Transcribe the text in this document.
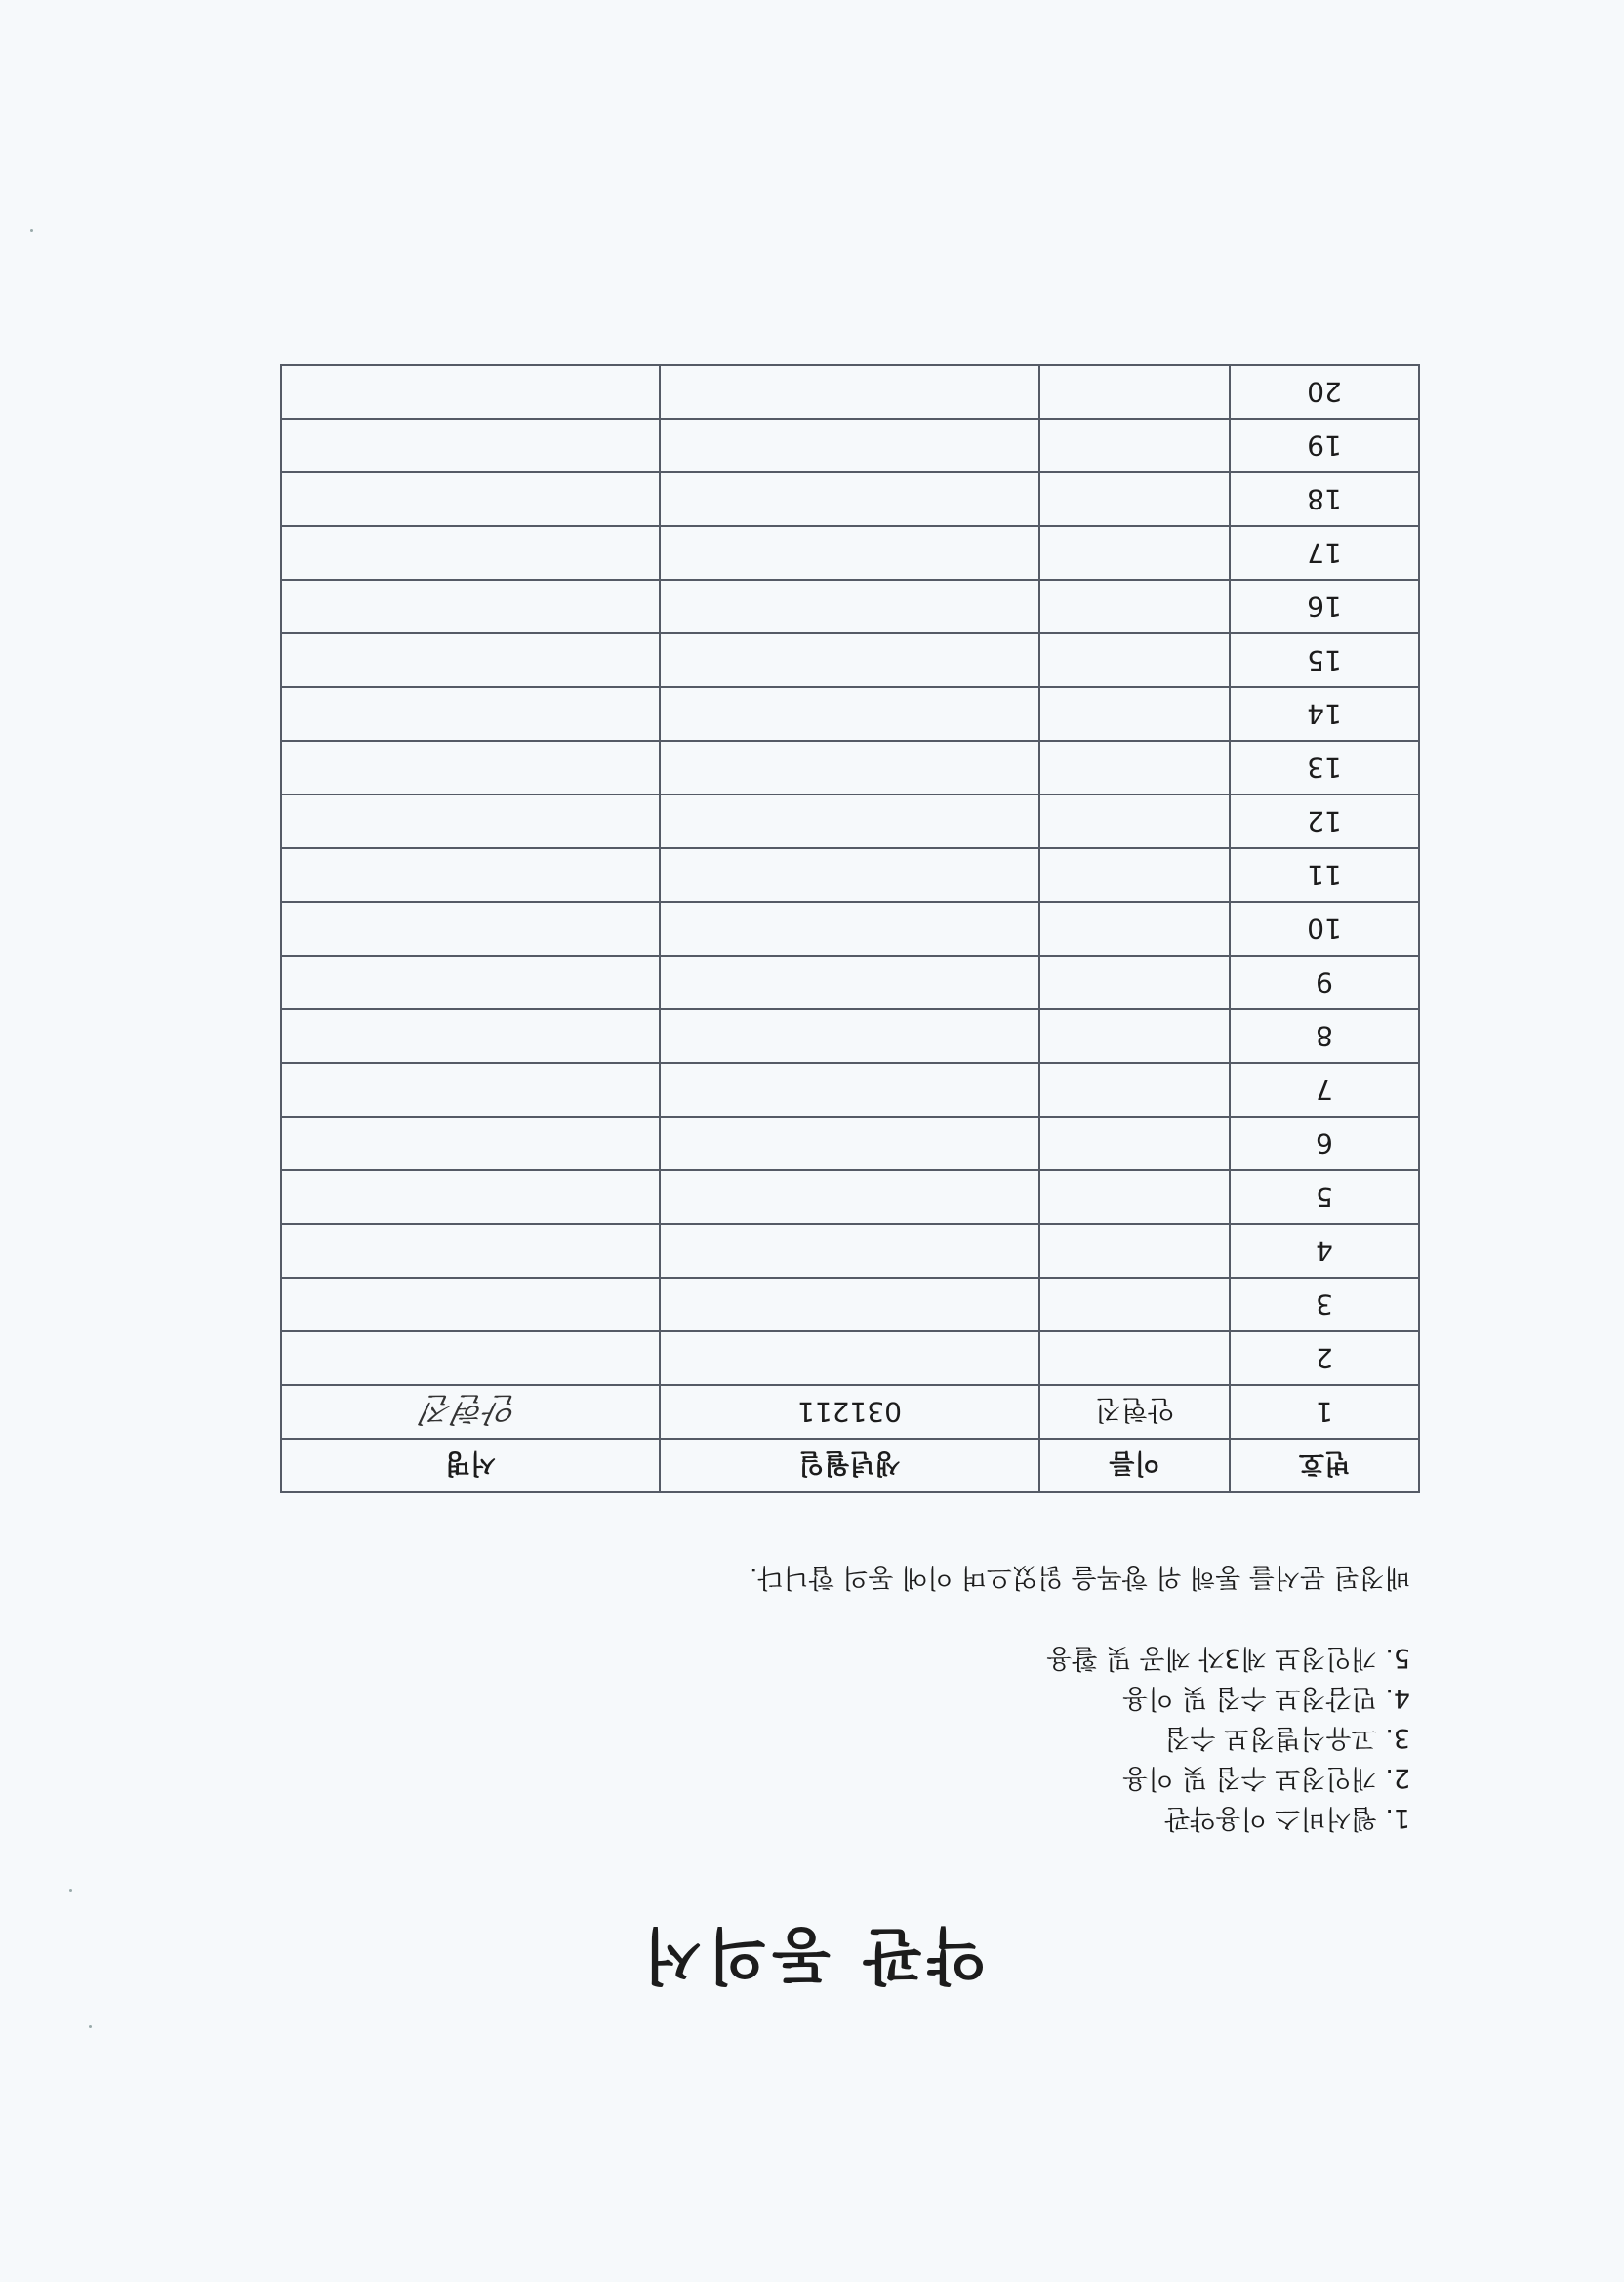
약관 동의서
1. 웹서비스 이용약관
2. 개인정보 수집 및 이용
3. 고유식별정보 수집
4. 민감정보 수집 및 이용
5. 개인정보 제3자 제공 및 활용
배정된 문서를 통해 위 항목을 읽었으며 이에 동의 합니다.
번호	이름	생년월일	서명
1	안현진	031211	안현진
2			
3			
4			
5			
6			
7			
8			
9			
10			
11			
12			
13			
14			
15			
16			
17			
18			
19			
20			
